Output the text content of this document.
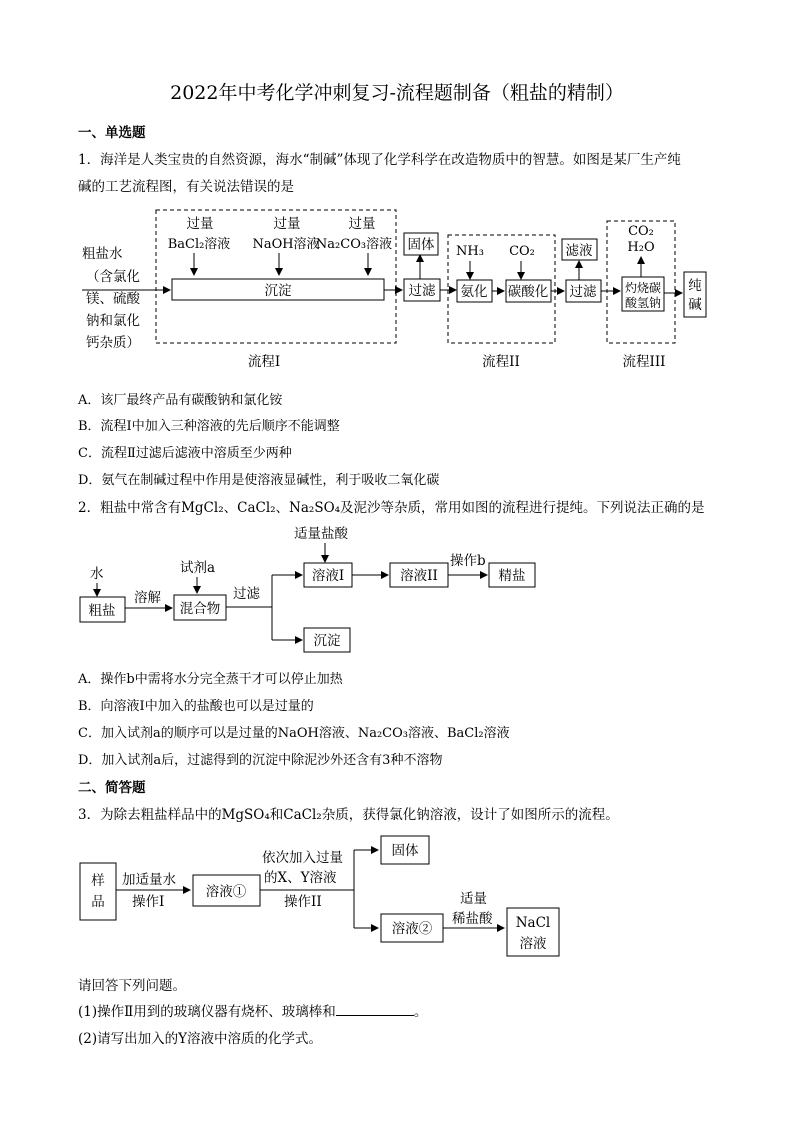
2022年中考化学冲刺复习-流程题制备（粗盐的精制）
一、单选题
1．海洋是人类宝贵的自然资源，海水“制碱”体现了化学科学在改造物质中的智慧。如图是某厂生产纯
碱的工艺流程图，有关说法错误的是
粗盐水
（含氯化
镁、硫酸
钠和氯化
钙杂质）
过量
BaCl₂溶液
过量
NaOH溶液
过量
Na₂CO₃溶液
沉淀	过滤
固体 NH₃ CO₂
氨化 碳酸化 过滤
滤液
CO₂
H₂O
灼烧碳
酸氢钠
纯
碱
流程I	流程II	流程III
A．该厂最终产品有碳酸钠和氯化铵
B．流程Ⅰ中加入三种溶液的先后顺序不能调整
C．流程Ⅱ过滤后滤液中溶质至少两种
D．氨气在制碱过程中作用是使溶液显碱性，利于吸收二氧化碳
2．粗盐中常含有MgCl₂、CaCl₂、Na₂SO₄及泥沙等杂质，常用如图的流程进行提纯。下列说法正确的是
水
粗盐
溶解
试剂a
混合物
过滤
适量盐酸
溶液I	溶液II
操作b
精盐
沉淀
A．操作b中需将水分完全蒸干才可以停止加热
B．向溶液Ⅰ中加入的盐酸也可以是过量的
C．加入试剂a的顺序可以是过量的NaOH溶液、Na₂CO₃溶液、BaCl₂溶液
D．加入试剂a后，过滤得到的沉淀中除泥沙外还含有3种不溶物
二、简答题
3．为除去粗盐样品中的MgSO₄和CaCl₂杂质，获得氯化钠溶液，设计了如图所示的流程。
样
品
加适量水
操作I
溶液①
依次加入过量
的X、Y溶液
操作II
固体
溶液②
适量
稀盐酸 NaCl
溶液
请回答下列问题。
(1)操作Ⅱ用到的玻璃仪器有烧杯、玻璃棒和	。
(2)请写出加入的Y溶液中溶质的化学式。
